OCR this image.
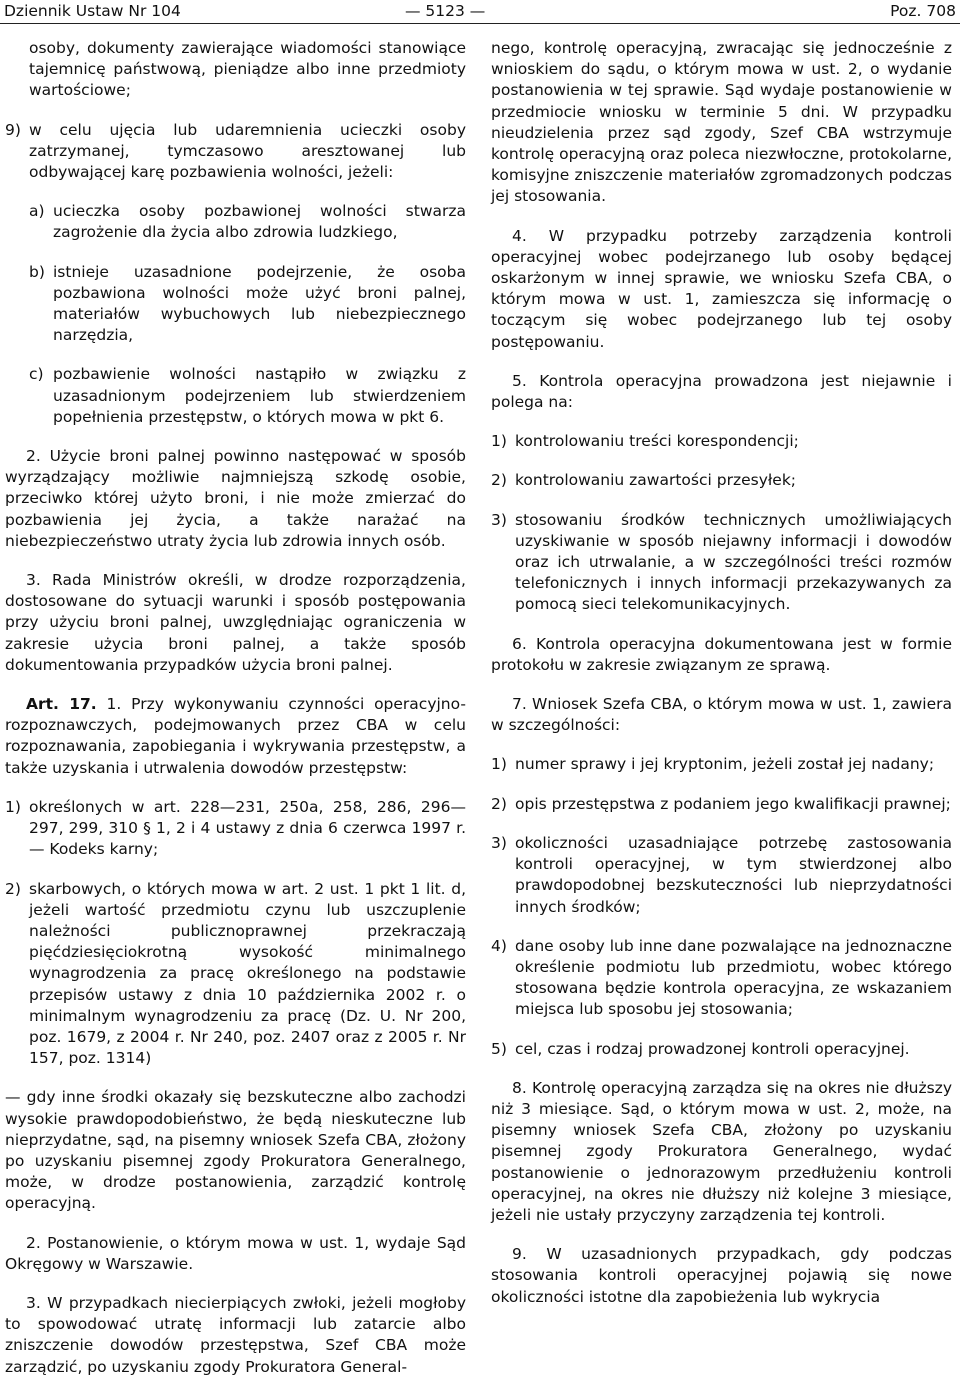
Dziennik Ustaw Nr 104	— 5123 —	Poz. 708

osoby, dokumenty zawierające wiadomości stanowiące tajemnicę państwową, pieniądze albo inne przedmioty wartościowe;

9) w celu ujęcia lub udaremnienia ucieczki osoby zatrzymanej, tymczasowo aresztowanej lub odbywającej karę pozbawienia wolności, jeżeli:
a) ucieczka osoby pozbawionej wolności stwarza zagrożenie dla życia albo zdrowia ludzkiego,
b) istnieje uzasadnione podejrzenie, że osoba pozbawiona wolności może użyć broni palnej, materiałów wybuchowych lub niebezpiecznego narzędzia,
c) pozbawienie wolności nastąpiło w związku z uzasadnionym podejrzeniem lub stwierdzeniem popełnienia przestępstw, o których mowa w pkt 6.

2. Użycie broni palnej powinno następować w sposób wyrządzający możliwie najmniejszą szkodę osobie, przeciwko której użyto broni, i nie może zmierzać do pozbawienia jej życia, a także narażać na niebezpieczeństwo utraty życia lub zdrowia innych osób.

3. Rada Ministrów określi, w drodze rozporządzenia, dostosowane do sytuacji warunki i sposób postępowania przy użyciu broni palnej, uwzględniając ograniczenia w zakresie użycia broni palnej, a także sposób dokumentowania przypadków użycia broni palnej.

Art. 17. 1. Przy wykonywaniu czynności operacyjno-rozpoznawczych, podejmowanych przez CBA w celu rozpoznawania, zapobiegania i wykrywania przestępstw, a także uzyskania i utrwalenia dowodów przestępstw:

1) określonych w art. 228—231, 250a, 258, 286, 296—297, 299, 310 § 1, 2 i 4 ustawy z dnia 6 czerwca 1997 r. — Kodeks karny;
2) skarbowych, o których mowa w art. 2 ust. 1 pkt 1 lit. d, jeżeli wartość przedmiotu czynu lub uszczuplenie należności publicznoprawnej przekraczają pięćdziesięciokrotną wysokość minimalnego wynagrodzenia za pracę określonego na podstawie przepisów ustawy z dnia 10 października 2002 r. o minimalnym wynagrodzeniu za pracę (Dz. U. Nr 200, poz. 1679, z 2004 r. Nr 240, poz. 2407 oraz z 2005 r. Nr 157, poz. 1314)

— gdy inne środki okazały się bezskuteczne albo zachodzi wysokie prawdopodobieństwo, że będą nieskuteczne lub nieprzydatne, sąd, na pisemny wniosek Szefa CBA, złożony po uzyskaniu pisemnej zgody Prokuratora Generalnego, może, w drodze postanowienia, zarządzić kontrolę operacyjną.

2. Postanowienie, o którym mowa w ust. 1, wydaje Sąd Okręgowy w Warszawie.

3. W przypadkach niecierpiących zwłoki, jeżeli mogłoby to spowodować utratę informacji lub zatarcie albo zniszczenie dowodów przestępstwa, Szef CBA może zarządzić, po uzyskaniu zgody Prokuratora General-

nego, kontrolę operacyjną, zwracając się jednocześnie z wnioskiem do sądu, o którym mowa w ust. 2, o wydanie postanowienia w tej sprawie. Sąd wydaje postanowienie w przedmiocie wniosku w terminie 5 dni. W przypadku nieudzielenia przez sąd zgody, Szef CBA wstrzymuje kontrolę operacyjną oraz poleca niezwłoczne, protokolarne, komisyjne zniszczenie materiałów zgromadzonych podczas jej stosowania.

4. W przypadku potrzeby zarządzenia kontroli operacyjnej wobec podejrzanego lub osoby będącej oskarżonym w innej sprawie, we wniosku Szefa CBA, o którym mowa w ust. 1, zamieszcza się informację o toczącym się wobec podejrzanego lub tej osoby postępowaniu.

5. Kontrola operacyjna prowadzona jest niejawnie i polega na:

1) kontrolowaniu treści korespondencji;
2) kontrolowaniu zawartości przesyłek;
3) stosowaniu środków technicznych umożliwiających uzyskiwanie w sposób niejawny informacji i dowodów oraz ich utrwalanie, a w szczególności treści rozmów telefonicznych i innych informacji przekazywanych za pomocą sieci telekomunikacyjnych.

6. Kontrola operacyjna dokumentowana jest w formie protokołu w zakresie związanym ze sprawą.

7. Wniosek Szefa CBA, o którym mowa w ust. 1, zawiera w szczególności:

1) numer sprawy i jej kryptonim, jeżeli został jej nadany;
2) opis przestępstwa z podaniem jego kwalifikacji prawnej;
3) okoliczności uzasadniające potrzebę zastosowania kontroli operacyjnej, w tym stwierdzonej albo prawdopodobnej bezskuteczności lub nieprzydatności innych środków;
4) dane osoby lub inne dane pozwalające na jednoznaczne określenie podmiotu lub przedmiotu, wobec którego stosowana będzie kontrola operacyjna, ze wskazaniem miejsca lub sposobu jej stosowania;
5) cel, czas i rodzaj prowadzonej kontroli operacyjnej.

8. Kontrolę operacyjną zarządza się na okres nie dłuższy niż 3 miesiące. Sąd, o którym mowa w ust. 2, może, na pisemny wniosek Szefa CBA, złożony po uzyskaniu pisemnej zgody Prokuratora Generalnego, wydać postanowienie o jednorazowym przedłużeniu kontroli operacyjnej, na okres nie dłuższy niż kolejne 3 miesiące, jeżeli nie ustały przyczyny zarządzenia tej kontroli.

9. W uzasadnionych przypadkach, gdy podczas stosowania kontroli operacyjnej pojawią się nowe okoliczności istotne dla zapobieżenia lub wykrycia
